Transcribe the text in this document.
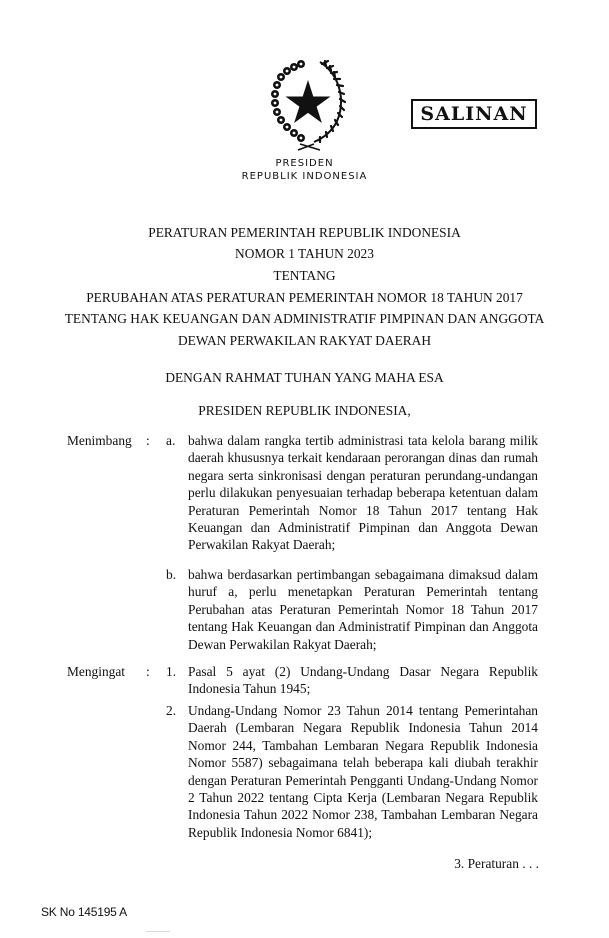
SALINAN
PRESIDEN
REPUBLIK INDONESIA
PERATURAN PEMERINTAH REPUBLIK INDONESIA
NOMOR 1 TAHUN 2023
TENTANG
PERUBAHAN ATAS PERATURAN PEMERINTAH NOMOR 18 TAHUN 2017
TENTANG HAK KEUANGAN DAN ADMINISTRATIF PIMPINAN DAN ANGGOTA
DEWAN PERWAKILAN RAKYAT DAERAH
DENGAN RAHMAT TUHAN YANG MAHA ESA
PRESIDEN REPUBLIK INDONESIA,
Menimbang : a. bahwa dalam rangka tertib administrasi tata kelola barang milik daerah khususnya terkait kendaraan perorangan dinas dan rumah negara serta sinkronisasi dengan peraturan perundang-undangan perlu dilakukan penyesuaian terhadap beberapa ketentuan dalam Peraturan Pemerintah Nomor 18 Tahun 2017 tentang Hak Keuangan dan Administratif Pimpinan dan Anggota Dewan Perwakilan Rakyat Daerah;
b. bahwa berdasarkan pertimbangan sebagaimana dimaksud dalam huruf a, perlu menetapkan Peraturan Pemerintah tentang Perubahan atas Peraturan Pemerintah Nomor 18 Tahun 2017 tentang Hak Keuangan dan Administratif Pimpinan dan Anggota Dewan Perwakilan Rakyat Daerah;
Mengingat : 1. Pasal 5 ayat (2) Undang-Undang Dasar Negara Republik Indonesia Tahun 1945;
2. Undang-Undang Nomor 23 Tahun 2014 tentang Pemerintahan Daerah (Lembaran Negara Republik Indonesia Tahun 2014 Nomor 244, Tambahan Lembaran Negara Republik Indonesia Nomor 5587) sebagaimana telah beberapa kali diubah terakhir dengan Peraturan Pemerintah Pengganti Undang-Undang Nomor 2 Tahun 2022 tentang Cipta Kerja (Lembaran Negara Republik Indonesia Tahun 2022 Nomor 238, Tambahan Lembaran Negara Republik Indonesia Nomor 6841);
3. Peraturan . . .
SK No 145195 A
